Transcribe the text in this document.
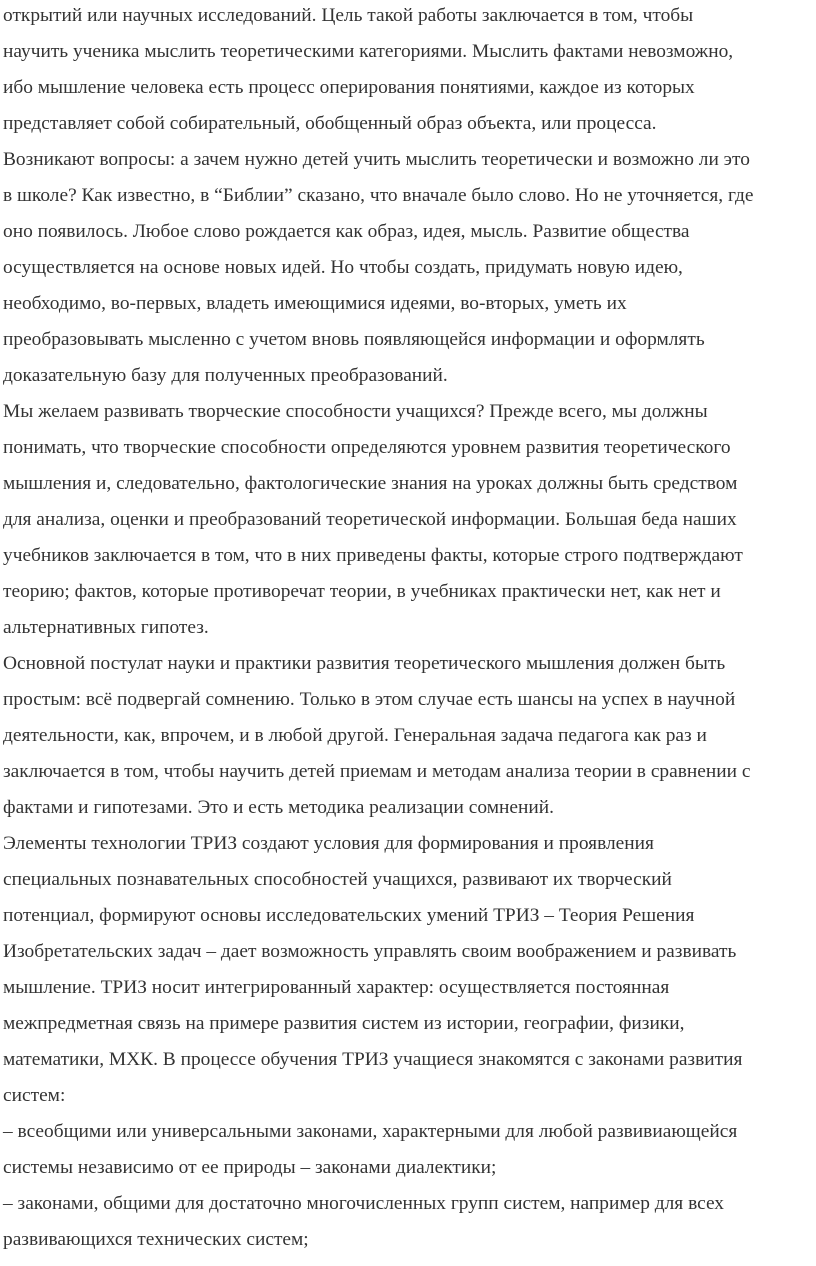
открытий или научных исследований. Цель такой работы заключается в том, чтобы
научить ученика мыслить теоретическими категориями. Мыслить фактами невозможно,
ибо мышление человека есть процесс оперирования понятиями, каждое из которых
представляет собой собирательный, обобщенный образ объекта, или процесса.
Возникают вопросы: а зачем нужно детей учить мыслить теоретически и возможно ли это
в школе? Как известно, в “Библии” сказано, что вначале было слово. Но не уточняется, где
оно появилось. Любое слово рождается как образ, идея, мысль. Развитие общества
осуществляется на основе новых идей. Но чтобы создать, придумать новую идею,
необходимо, во-первых, владеть имеющимися идеями, во-вторых, уметь их
преобразовывать мысленно с учетом вновь появляющейся информации и оформлять
доказательную базу для полученных преобразований.
Мы желаем развивать творческие способности учащихся? Прежде всего, мы должны
понимать, что творческие способности определяются уровнем развития теоретического
мышления и, следовательно, фактологические знания на уроках должны быть средством
для анализа, оценки и преобразований теоретической информации. Большая беда наших
учебников заключается в том, что в них приведены факты, которые строго подтверждают
теорию; фактов, которые противоречат теории, в учебниках практически нет, как нет и
альтернативных гипотез.
Основной постулат науки и практики развития теоретического мышления должен быть
простым: всё подвергай сомнению. Только в этом случае есть шансы на успех в научной
деятельности, как, впрочем, и в любой другой. Генеральная задача педагога как раз и
заключается в том, чтобы научить детей приемам и методам анализа теории в сравнении с
фактами и гипотезами. Это и есть методика реализации сомнений.
Элементы технологии ТРИЗ создают условия для формирования и проявления
специальных познавательных способностей учащихся, развивают их творческий
потенциал, формируют основы исследовательских умений ТРИЗ – Теория Решения
Изобретательских задач – дает возможность управлять своим воображением и развивать
мышление. ТРИЗ носит интегрированный характер: осуществляется постоянная
межпредметная связь на примере развития систем из истории, географии, физики,
математики, МХК. В процессе обучения ТРИЗ учащиеся знакомятся с законами развития
систем:
– всеобщими или универсальными законами, характерными для любой развивиающейся
системы независимо от ее природы – законами диалектики;
– законами, общими для достаточно многочисленных групп систем, например для всех
развивающихся технических систем;
